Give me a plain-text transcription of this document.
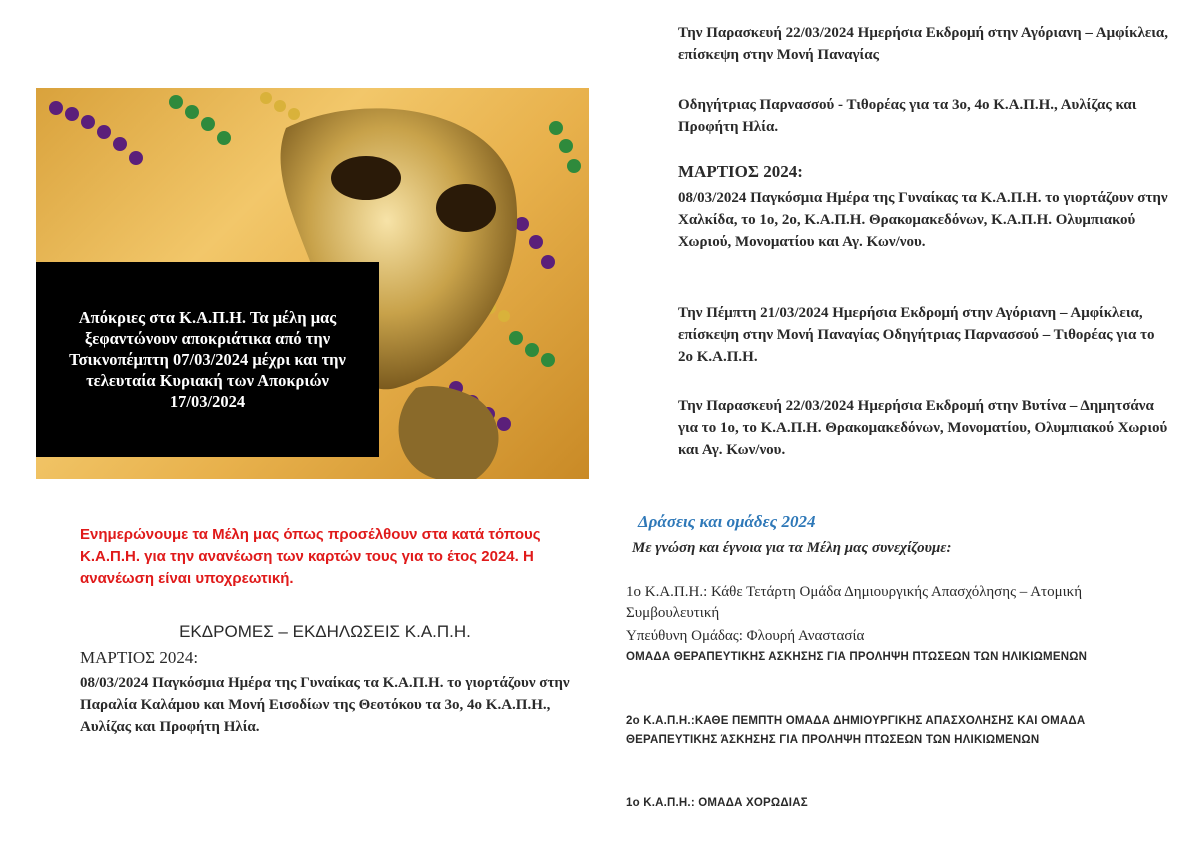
Απόκριες στα Κ.Α.Π.Η. Τα μέλη μας ξεφαντώνουν αποκριάτικα από την Τσικνοπέμπτη 07/03/2024 μέχρι και την τελευταία Κυριακή των Αποκριών 17/03/2024
Ενημερώνουμε τα Μέλη μας όπως προσέλθουν στα κατά τόπους Κ.Α.Π.Η. για την ανανέωση των καρτών τους για το έτος 2024. Η ανανέωση είναι υποχρεωτική.
ΕΚΔΡΟΜΕΣ – ΕΚΔΗΛΩΣΕΙΣ Κ.Α.Π.Η.
ΜΑΡΤΙΟΣ 2024:
08/03/2024 Παγκόσμια Ημέρα της Γυναίκας τα Κ.Α.Π.Η. το γιορτάζουν στην Παραλία Καλάμου και Μονή Εισοδίων της Θεοτόκου τα 3ο, 4ο Κ.Α.Π.Η., Αυλίζας και Προφήτη Ηλία.
Την Παρασκευή 22/03/2024 Ημερήσια Εκδρομή στην Αγόριανη – Αμφίκλεια, επίσκεψη στην Μονή Παναγίας
Οδηγήτριας Παρνασσού - Τιθορέας για τα 3ο, 4ο Κ.Α.Π.Η., Αυλίζας και Προφήτη Ηλία.
ΜΑΡΤΙΟΣ 2024:
08/03/2024 Παγκόσμια Ημέρα της Γυναίκας τα Κ.Α.Π.Η. το γιορτάζουν στην Χαλκίδα, το 1ο, 2ο, Κ.Α.Π.Η. Θρακομακεδόνων, Κ.Α.Π.Η. Ολυμπιακού Χωριού, Μονοματίου και Αγ. Κων/νου.
Την Πέμπτη 21/03/2024 Ημερήσια Εκδρομή στην Αγόριανη – Αμφίκλεια, επίσκεψη στην Μονή Παναγίας Οδηγήτριας Παρνασσού – Τιθορέας για το 2ο Κ.Α.Π.Η.
Την Παρασκευή 22/03/2024 Ημερήσια Εκδρομή στην Βυτίνα – Δημητσάνα για το 1ο, το Κ.Α.Π.Η. Θρακομακεδόνων, Μονοματίου, Ολυμπιακού Χωριού και Αγ. Κων/νου.
Δράσεις και ομάδες 2024
Με γνώση και έγνοια για τα Μέλη μας συνεχίζουμε:
1ο Κ.Α.Π.Η.: Κάθε Τετάρτη Ομάδα Δημιουργικής Απασχόλησης – Ατομική Συμβουλευτική
Υπεύθυνη Ομάδας: Φλουρή Αναστασία
ΟΜΑΔΑ ΘΕΡΑΠΕΥΤΙΚΗΣ ΑΣΚΗΣΗΣ ΓΙΑ ΠΡΟΛΗΨΗ ΠΤΩΣΕΩΝ ΤΩΝ ΗΛΙΚΙΩΜΕΝΩΝ
2ο Κ.Α.Π.Η.:ΚΑΘΕ ΠΕΜΠΤΗ ΟΜΑΔΑ ΔΗΜΙΟΥΡΓΙΚΗΣ ΑΠΑΣΧΟΛΗΣΗΣ ΚΑΙ ΟΜΑΔΑ ΘΕΡΑΠΕΥΤΙΚΗΣ ΆΣΚΗΣΗΣ ΓΙΑ ΠΡΟΛΗΨΗ ΠΤΩΣΕΩΝ ΤΩΝ ΗΛΙΚΙΩΜΕΝΩΝ
1ο Κ.Α.Π.Η.: ΟΜΑΔΑ ΧΟΡΩΔΙΑΣ
